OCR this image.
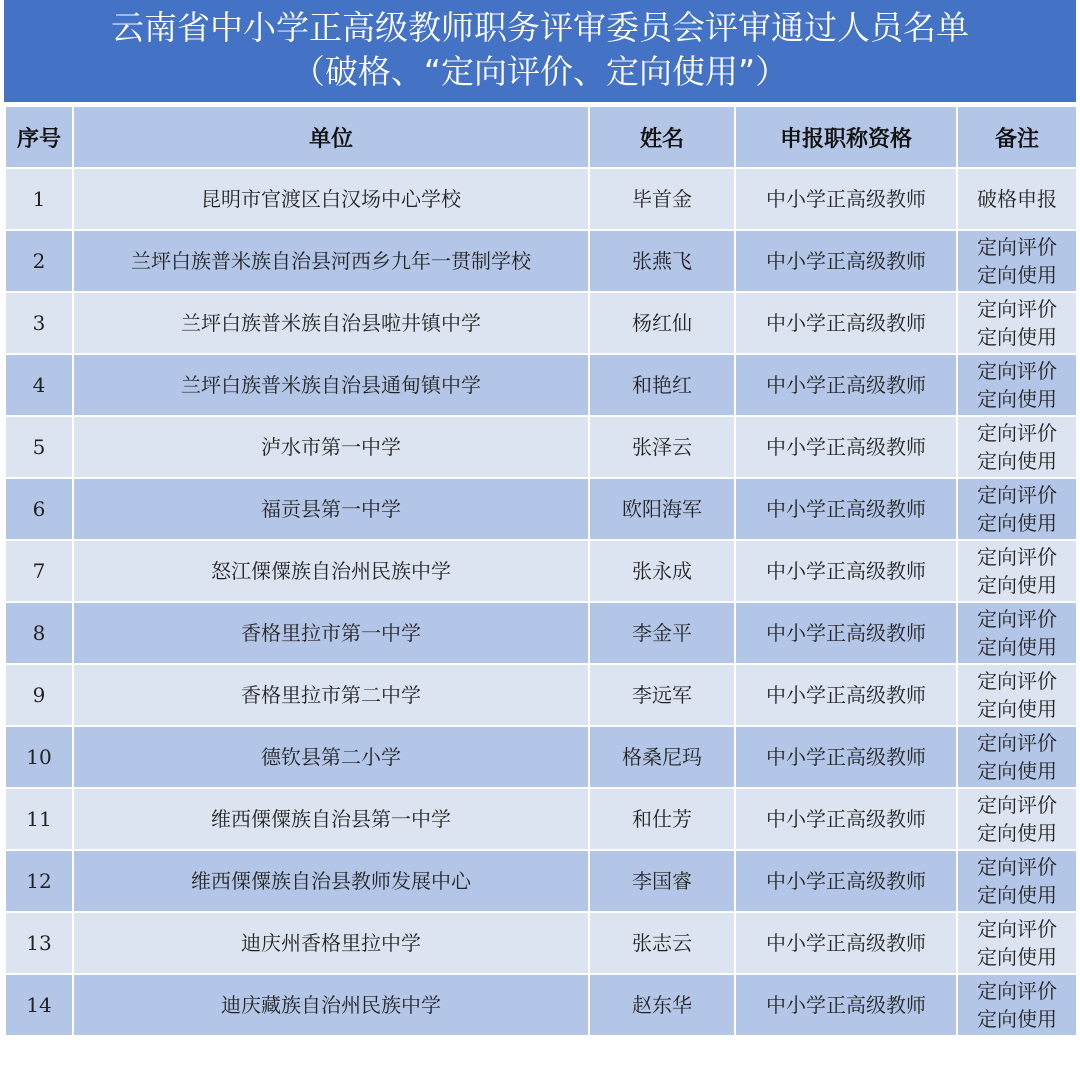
云南省中小学正高级教师职务评审委员会评审通过人员名单
（破格、“定向评价、定向使用”）
序号	单位	姓名	申报职称资格	备注
1	昆明市官渡区白汉场中心学校	毕首金	中小学正高级教师	破格申报

2	兰坪白族普米族自治县河西乡九年一贯制学校	张燕飞	中小学正高级教师	定向评价
定向使用

3	兰坪白族普米族自治县啦井镇中学	杨红仙	中小学正高级教师	定向评价
定向使用

4	兰坪白族普米族自治县通甸镇中学	和艳红	中小学正高级教师	定向评价
定向使用

5	泸水市第一中学	张泽云	中小学正高级教师	定向评价
定向使用

6	福贡县第一中学	欧阳海军	中小学正高级教师	定向评价
定向使用

7	怒江傈僳族自治州民族中学	张永成	中小学正高级教师	定向评价
定向使用

8	香格里拉市第一中学	李金平	中小学正高级教师	定向评价
定向使用

9	香格里拉市第二中学	李远军	中小学正高级教师	定向评价
定向使用

10	德钦县第二小学	格桑尼玛	中小学正高级教师	定向评价
定向使用

11	维西傈僳族自治县第一中学	和仕芳	中小学正高级教师	定向评价
定向使用

12	维西傈僳族自治县教师发展中心	李国睿	中小学正高级教师	定向评价
定向使用

13	迪庆州香格里拉中学	张志云	中小学正高级教师	定向评价
定向使用

14	迪庆藏族自治州民族中学	赵东华	中小学正高级教师	定向评价
定向使用
